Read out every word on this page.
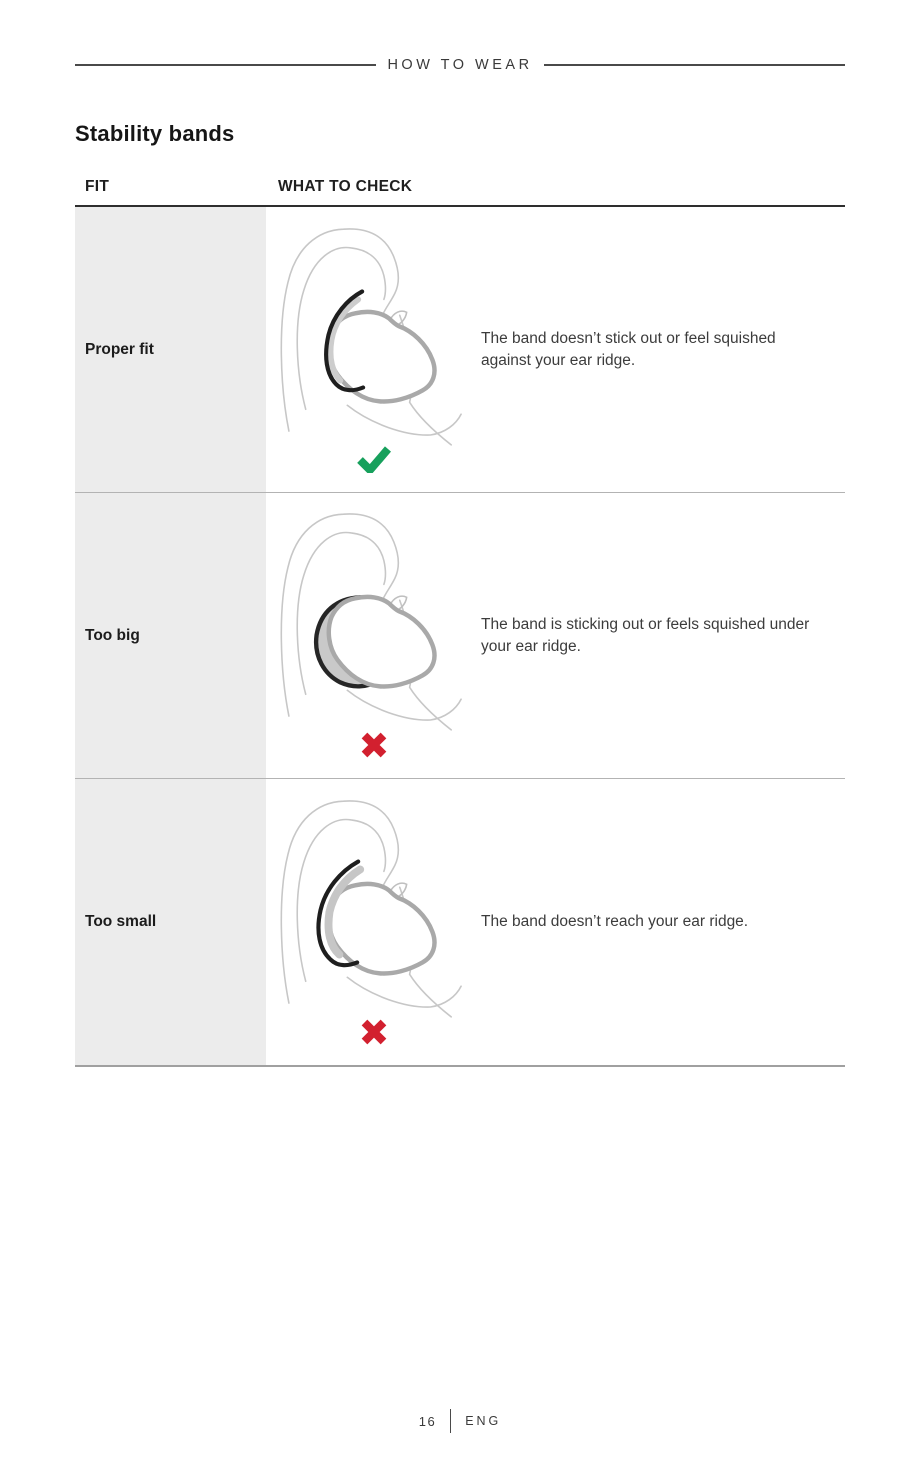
HOW TO WEAR
Stability bands
FIT	WHAT TO CHECK
Proper fit
The band doesn’t stick out or feel squished against your ear ridge.
Too big
The band is sticking out or feels squished under your ear ridge.
Too small	The band doesn’t reach your ear ridge.
16 ENG
